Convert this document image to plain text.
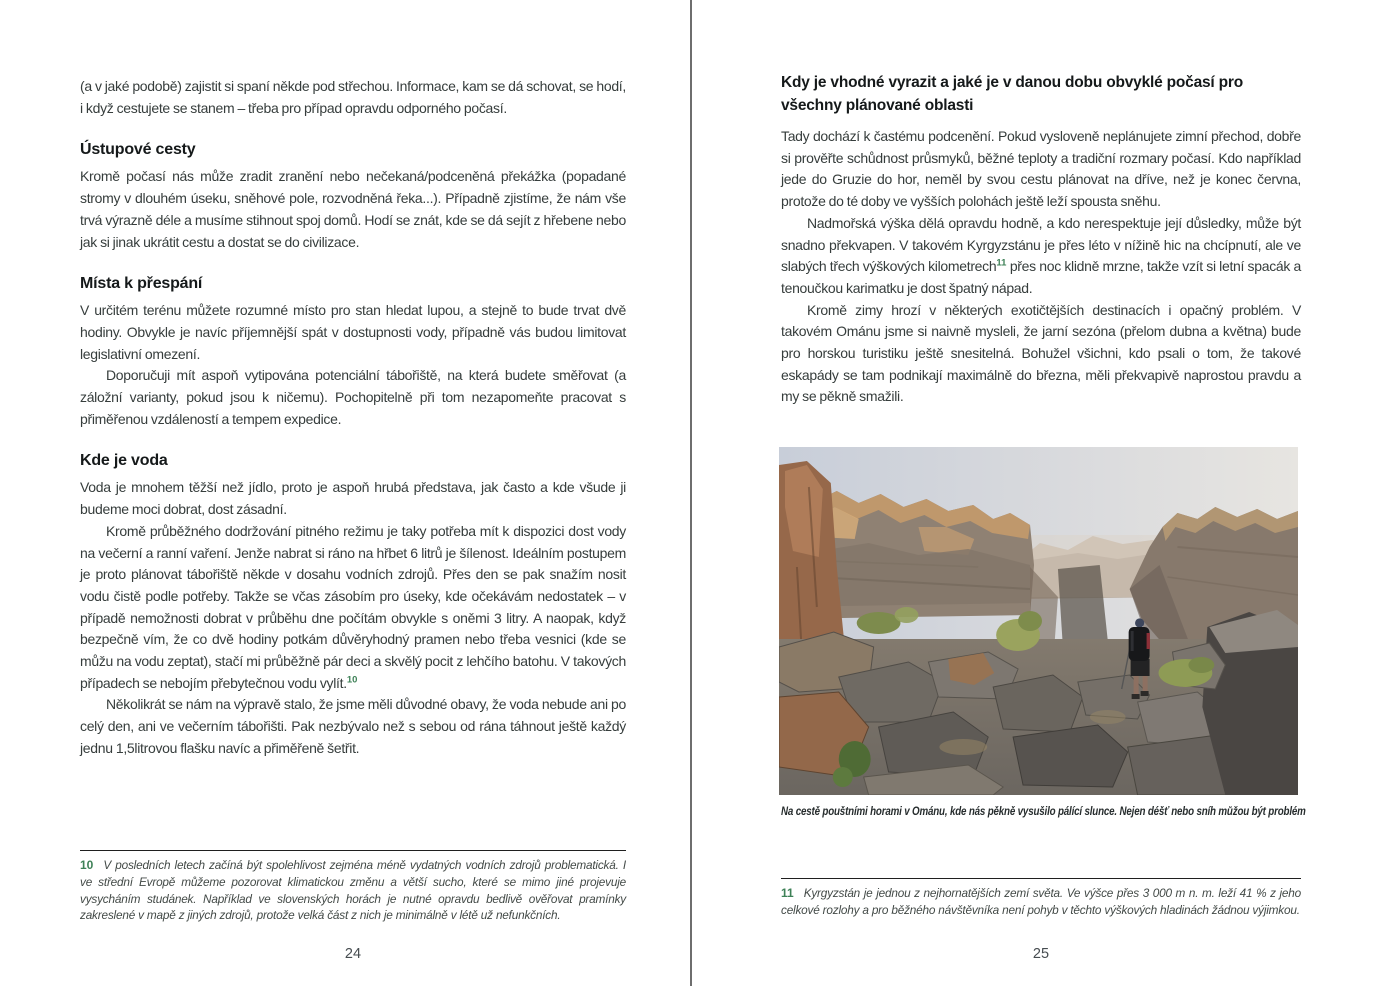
(a v jaké podobě) zajistit si spaní někde pod střechou. Informace, kam se dá schovat, se hodí, i když cestujete se stanem – třeba pro případ opravdu odporného počasí.

Ústupové cesty

Kromě počasí nás může zradit zranění nebo nečekaná/podceněná překážka (popadané stromy v dlouhém úseku, sněhové pole, rozvodněná řeka...). Případně zjistíme, že nám vše trvá výrazně déle a musíme stihnout spoj domů. Hodí se znát, kde se dá sejít z hřebene nebo jak si jinak ukrátit cestu a dostat se do civilizace.

Místa k přespání

V určitém terénu můžete rozumné místo pro stan hledat lupou, a stejně to bude trvat dvě hodiny. Obvykle je navíc příjemnější spát v dostupnosti vody, případně vás budou limitovat legislativní omezení.

Doporučuji mít aspoň vytipována potenciální tábořiště, na která budete směřovat (a záložní varianty, pokud jsou k ničemu). Pochopitelně při tom nezapomeňte pracovat s přiměřenou vzdáleností a tempem expedice.

Kde je voda

Voda je mnohem těžší než jídlo, proto je aspoň hrubá představa, jak často a kde všude ji budeme moci dobrat, dost zásadní.

Kromě průběžného dodržování pitného režimu je taky potřeba mít k dispozici dost vody na večerní a ranní vaření. Jenže nabrat si ráno na hřbet 6 litrů je šílenost. Ideálním postupem je proto plánovat tábořiště někde v dosahu vodních zdrojů. Přes den se pak snažím nosit vodu čistě podle potřeby. Takže se včas zásobím pro úseky, kde očekávám nedostatek – v případě nemožnosti dobrat v průběhu dne počítám obvykle s oněmi 3 litry. A naopak, když bezpečně vím, že co dvě hodiny potkám důvěryhodný pramen nebo třeba vesnici (kde se můžu na vodu zeptat), stačí mi průběžně pár deci a skvělý pocit z lehčího batohu. V takových případech se nebojím přebytečnou vodu vylít.$^{10}$

Několikrát se nám na výpravě stalo, že jsme měli důvodné obavy, že voda nebude ani po celý den, ani ve večerním tábořišti. Pak nezbývalo než s sebou od rána táhnout ještě každý jednu 1,5litrovou flašku navíc a přiměřeně šetřit.

10 V posledních letech začíná být spolehlivost zejména méně vydatných vodních zdrojů problematická. I ve střední Evropě můžeme pozorovat klimatickou změnu a větší sucho, které se mimo jiné projevuje vysycháním studánek. Například ve slovenských horách je nutné opravdu bedlivě ověřovat pramínky zakreslené v mapě z jiných zdrojů, protože velká část z nich je minimálně v létě už nefunkčních.

24
Kdy je vhodné vyrazit a jaké je v danou dobu obvyklé počasí pro všechny plánované oblasti

Tady dochází k častému podcenění. Pokud vysloveně neplánujete zimní přechod, dobře si prověřte schůdnost průsmyků, běžné teploty a tradiční rozmary počasí. Kdo například jede do Gruzie do hor, neměl by svou cestu plánovat na dříve, než je konec června, protože do té doby ve vyšších polohách ještě leží spousta sněhu.

Nadmořská výška dělá opravdu hodně, a kdo nerespektuje její důsledky, může být snadno překvapen. V takovém Kyrgyzstánu je přes léto v nížině hic na chcípnutí, ale ve slabých třech výškových kilometrech$^{11}$ přes noc klidně mrzne, takže vzít si letní spacák a tenoučkou karimatku je dost špatný nápad.

Kromě zimy hrozí v některých exotičtějších destinacích i opačný problém. V takovém Ománu jsme si naivně mysleli, že jarní sezóna (přelom dubna a května) bude pro horskou turistiku ještě snesitelná. Bohužel všichni, kdo psali o tom, že takové eskapády se tam podnikají maximálně do března, měli překvapivě naprostou pravdu a my se pěkně smažili.

Na cestě pouštními horami v Ománu, kde nás pěkně vysušilo pálící slunce. Nejen déšť nebo sníh můžou být problém

11 Kyrgyzstán je jednou z nejhornatějších zemí světa. Ve výšce přes 3 000 m n. m. leží 41 % z jeho celkové rozlohy a pro běžného návštěvníka není pohyb v těchto výškových hladinách žádnou výjimkou.

25
